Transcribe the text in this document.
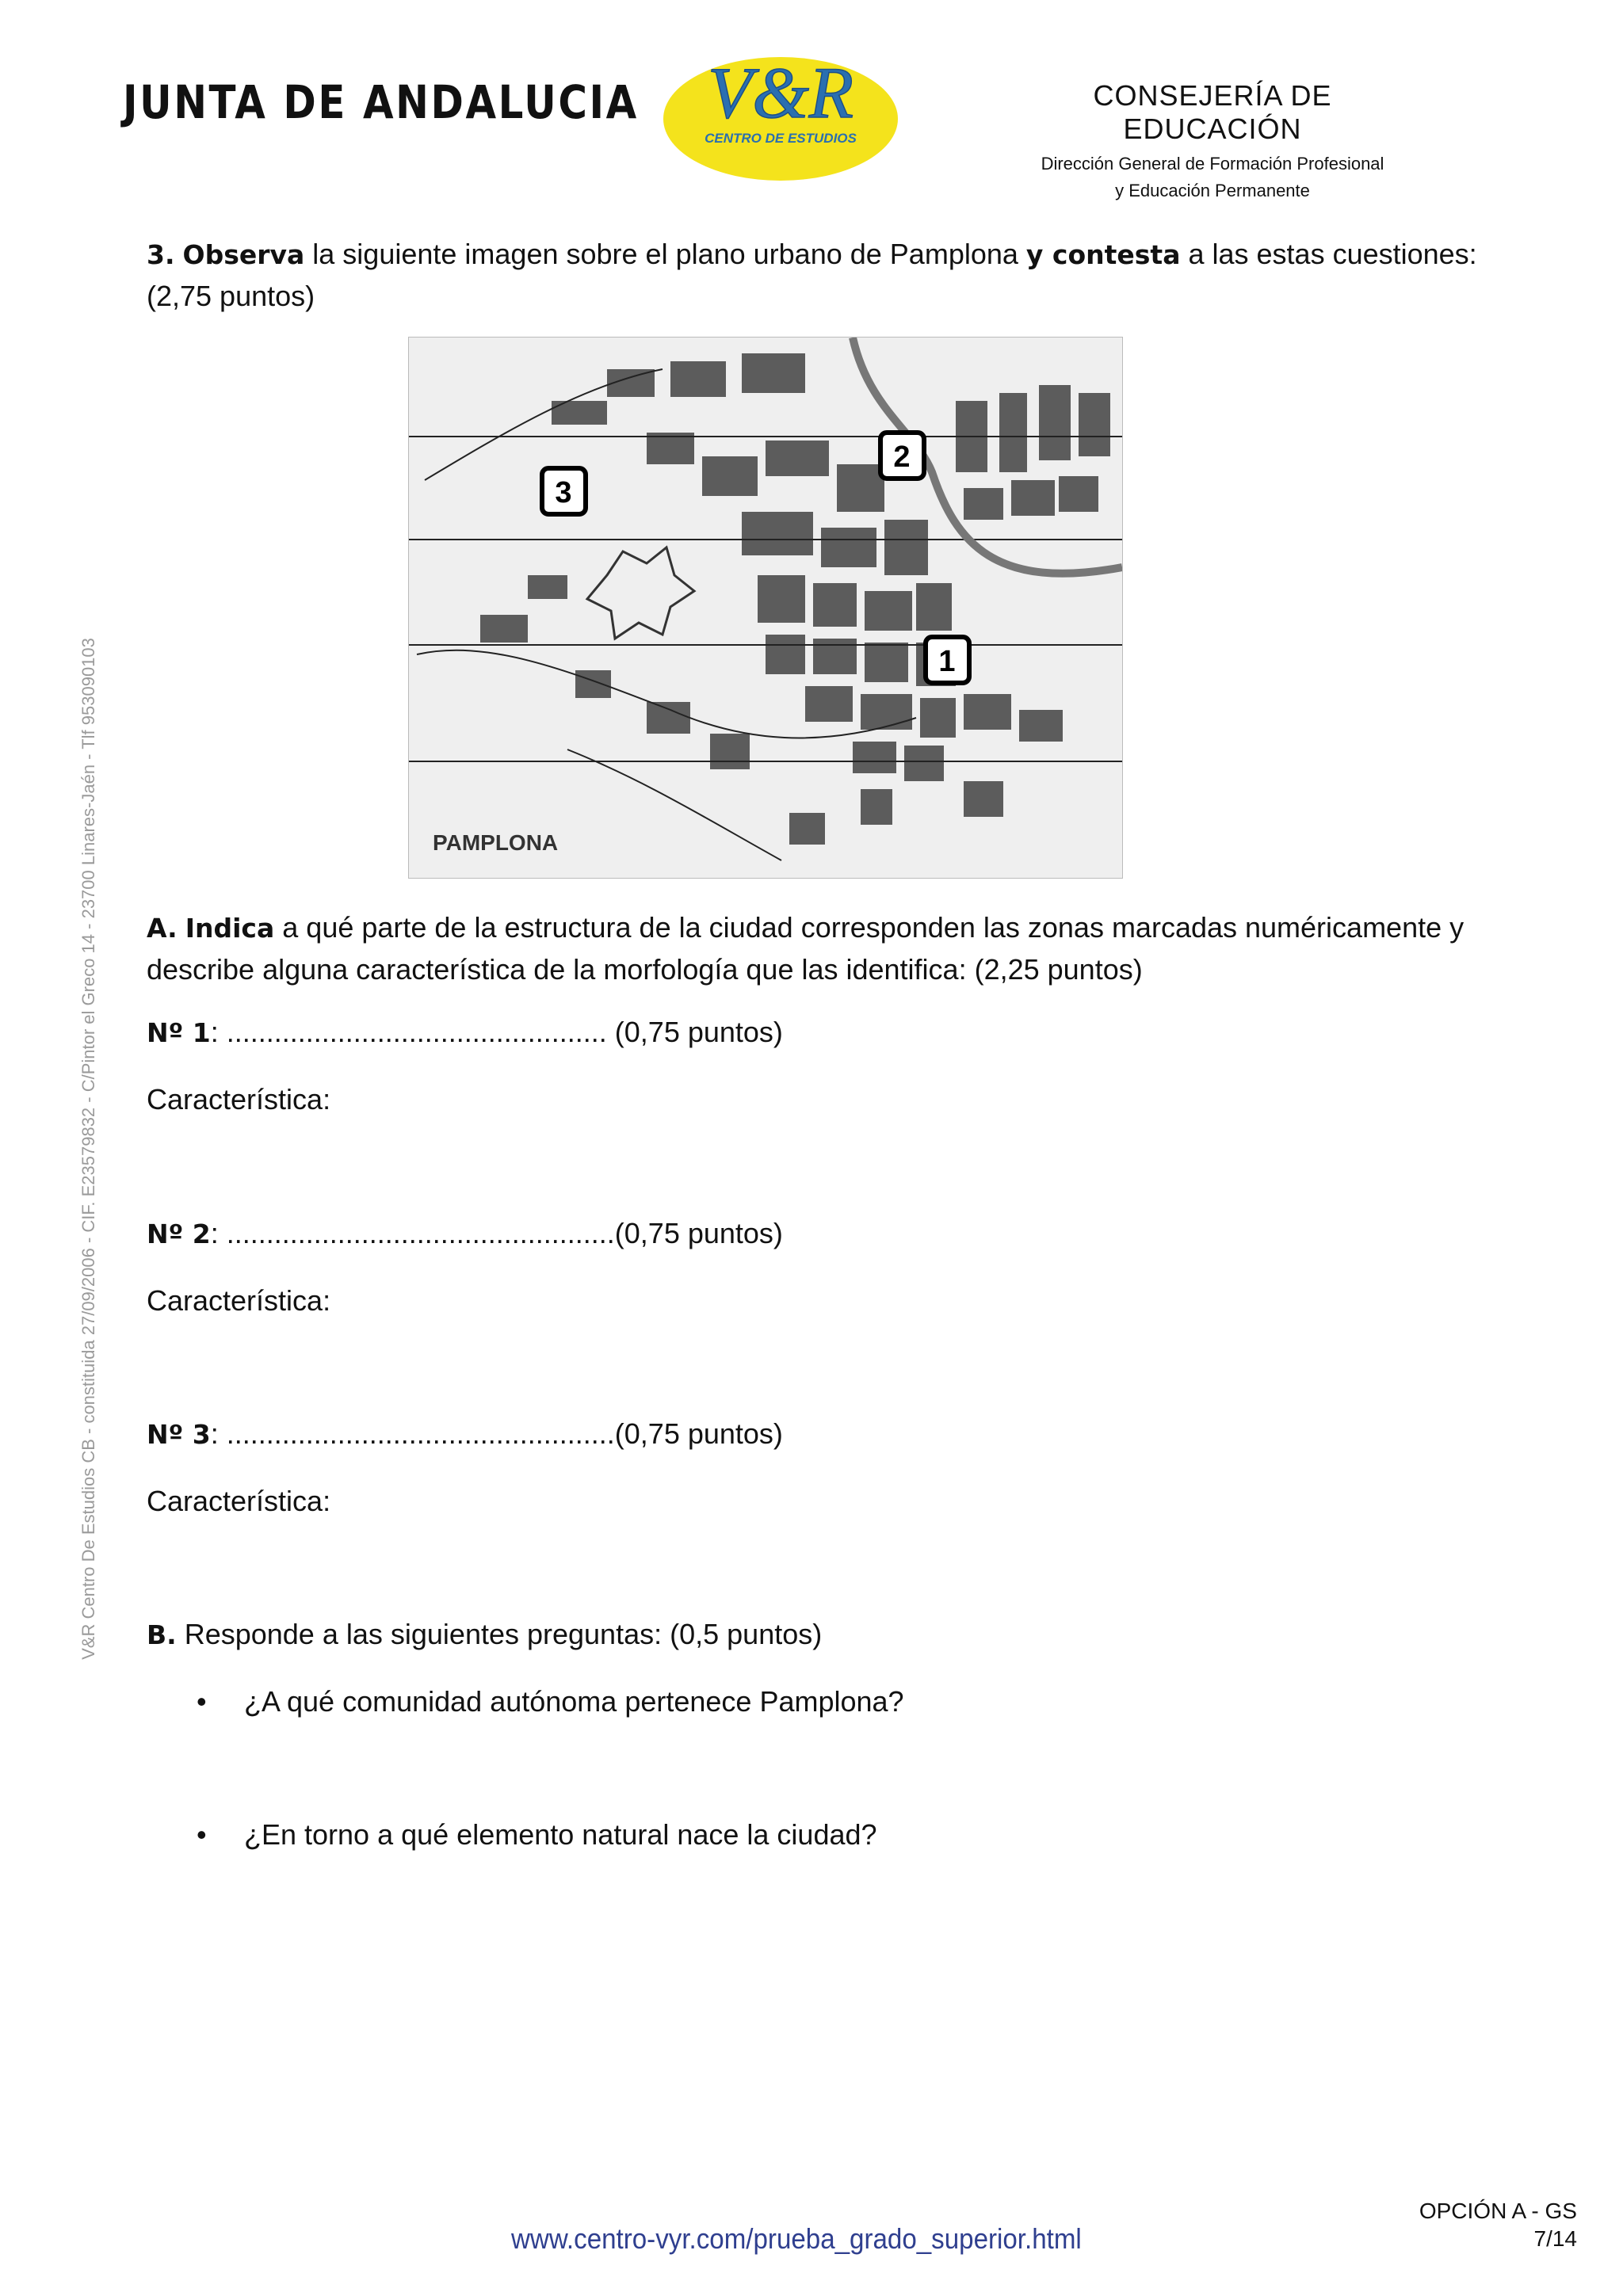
JUNTA DE ANDALUCIA V&R
CENTRO DE ESTUDIOS
CONSEJERÍA DE EDUCACIÓN
Dirección General de Formación Profesional
y Educación Permanente
V&R Centro De Estudios CB - constituida 27/09/2006 - CIF. E23579832 - C/Pintor el Greco 14 - 23700 Linares-Jaén - Tlf 953090103
3. Observa la siguiente imagen sobre el plano urbano de Pamplona y contesta a las estas cuestiones: (2,75 puntos)
1
2
3
PAMPLONA
A. Indica a qué parte de la estructura de la ciudad corresponden las zonas marcadas numéricamente y describe alguna característica de la morfología que las identifica: (2,25 puntos)
Nº 1: ................................................ (0,75 puntos)
Característica:
Nº 2: .................................................(0,75 puntos)
Característica:
Nº 3: .................................................(0,75 puntos)
Característica:
B. Responde a las siguientes preguntas: (0,5 puntos)
• ¿A qué comunidad autónoma pertenece Pamplona?
• ¿En torno a qué elemento natural nace la ciudad?
www.centro-vyr.com/prueba_grado_superior.html
OPCIÓN A - GS
7/14
